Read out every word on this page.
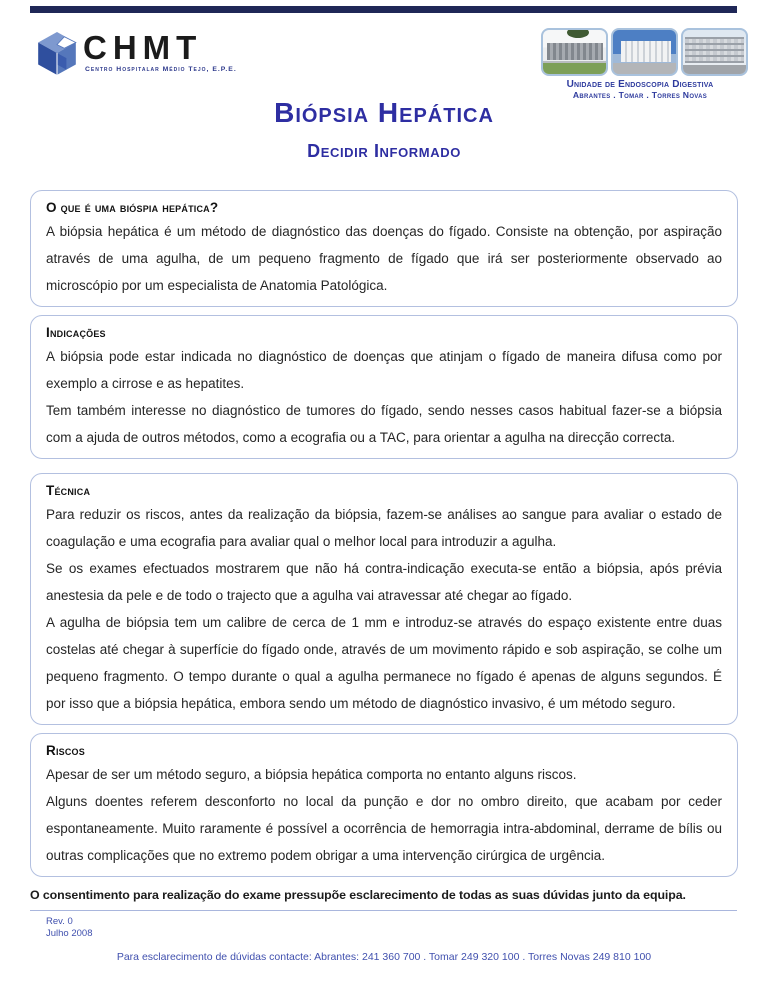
CHMT
Centro Hospitalar Médio Tejo, E.P.E.
Unidade de Endoscopia Digestiva
Abrantes . Tomar . Torres Novas
Biópsia Hepática
Decidir Informado
O que é uma bióspia hepática?

A biópsia hepática é um método de diagnóstico das doenças do fígado. Consiste na obtenção, por aspiração através de uma agulha, de um pequeno fragmento de fígado que irá ser posteriormente observado ao microscópio por um especialista de Anatomia Patológica.

Indicações

A biópsia pode estar indicada no diagnóstico de doenças que atinjam o fígado de maneira difusa como por exemplo a cirrose e as hepatites.

Tem também interesse no diagnóstico de tumores do fígado, sendo nesses casos habitual fazer-se a biópsia com a ajuda de outros métodos, como a ecografia ou a TAC, para orientar a agulha na direcção correcta.

Técnica

Para reduzir os riscos, antes da realização da biópsia, fazem-se análises ao sangue para avaliar o estado de coagulação e uma ecografia para avaliar qual o melhor local para introduzir a agulha.

Se os exames efectuados mostrarem que não há contra-indicação executa-se então a biópsia, após prévia anestesia da pele e de todo o trajecto que a agulha vai atravessar até chegar ao fígado.

A agulha de biópsia tem um calibre de cerca de 1 mm e introduz-se através do espaço existente entre duas costelas até chegar à superfície do fígado onde, através de um movimento rápido e sob aspiração, se colhe um pequeno fragmento. O tempo durante o qual a agulha permanece no fígado é apenas de alguns segundos. É por isso que a biópsia hepática, embora sendo um método de diagnóstico invasivo, é um método seguro.

Riscos

Apesar de ser um método seguro, a biópsia hepática comporta no entanto alguns riscos.

Alguns doentes referem desconforto no local da punção e dor no ombro direito, que acabam por ceder espontaneamente. Muito raramente é possível a ocorrência de hemorragia intra-abdominal, derrame de bílis ou outras complicações que no extremo podem obrigar a uma intervenção cirúrgica de urgência.

O consentimento para realização do exame pressupõe esclarecimento de todas as suas dúvidas junto da equipa.
Rev. 0
Julho 2008
Para esclarecimento de dúvidas contacte: Abrantes: 241 360 700 . Tomar 249 320 100 . Torres Novas 249 810 100
